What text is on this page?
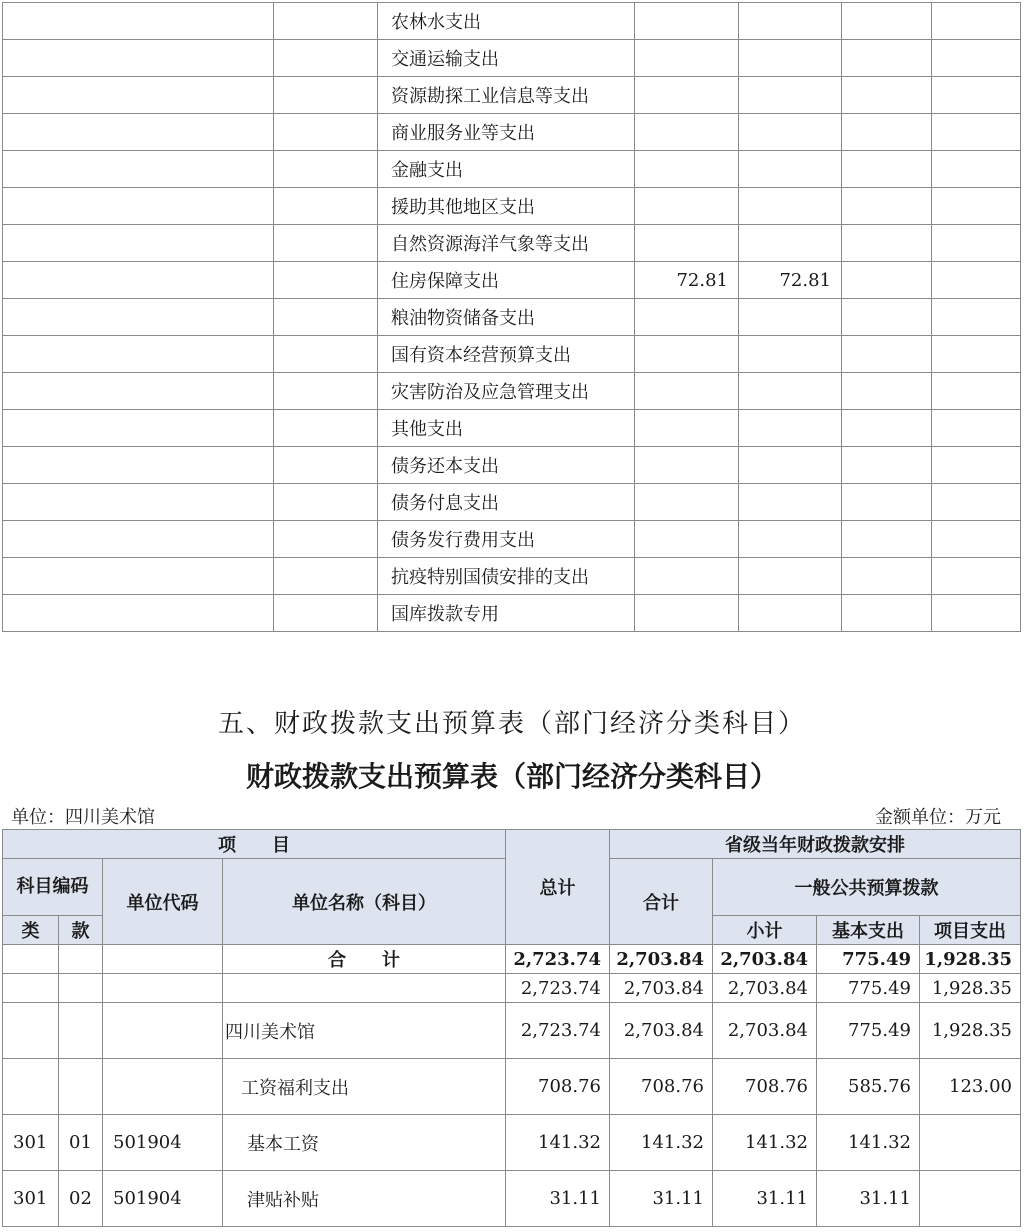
		农林水支出				
		交通运输支出				
		资源勘探工业信息等支出				
		商业服务业等支出				
		金融支出				
		援助其他地区支出				
		自然资源海洋气象等支出				
		住房保障支出	72.81	72.81		
		粮油物资储备支出				
		国有资本经营预算支出				
		灾害防治及应急管理支出				
		其他支出				
		债务还本支出				
		债务付息支出				
		债务发行费用支出				
		抗疫特别国债安排的支出				
		国库拨款专用				
五、财政拨款支出预算表（部门经济分类科目）
财政拨款支出预算表（部门经济分类科目）
单位：四川美术馆	金额单位：万元
项　　目				总计	省级当年财政拨款安排			
科目编码		单位代码	单位名称（科目）		合计	一般公共预算拨款		
类	款					小计	基本支出	项目支出
			合　　计	2,723.74	2,703.84	2,703.84	775.49	1,928.35
				2,723.74	2,703.84	2,703.84	775.49	1,928.35
			四川美术馆	2,723.74	2,703.84	2,703.84	775.49	1,928.35
			工资福利支出	708.76	708.76	708.76	585.76	123.00
301	01	501904	基本工资	141.32	141.32	141.32	141.32	
301	02	501904	津贴补贴	31.11	31.11	31.11	31.11	
